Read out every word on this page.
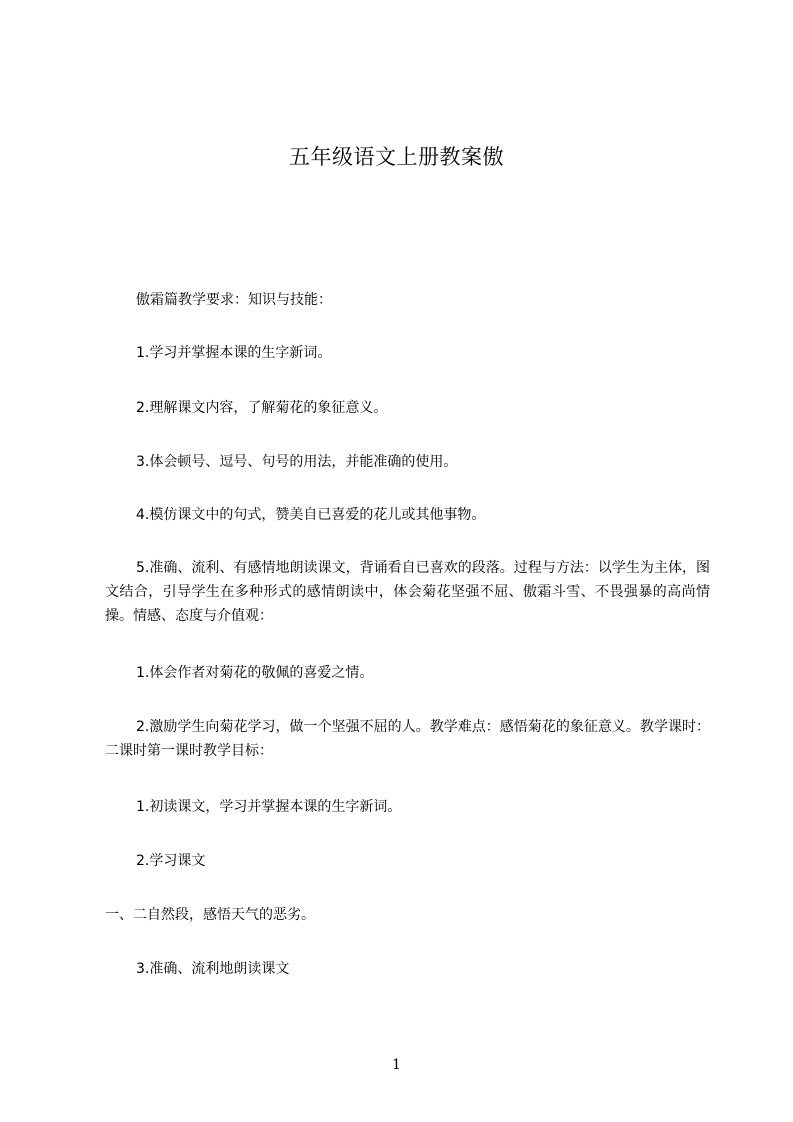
五年级语文上册教案傲

傲霜篇教学要求：知识与技能：

1.学习并掌握本课的生字新词。

2.理解课文内容，了解菊花的象征意义。

3.体会顿号、逗号、句号的用法，并能准确的使用。

4.模仿课文中的句式，赞美自已喜爱的花儿或其他事物。

5.准确、流利、有感情地朗读课文，背诵看自已喜欢的段落。过程与方法：以学生为主体，图文结合，引导学生在多种形式的感情朗读中，体会菊花坚强不屈、傲霜斗雪、不畏强暴的高尚情操。情感、态度与介值观：

1.体会作者对菊花的敬佩的喜爱之情。

2.激励学生向菊花学习，做一个坚强不屈的人。教学难点：感悟菊花的象征意义。教学课时：二课时第一课时教学目标：

1.初读课文，学习并掌握本课的生字新词。

2.学习课文

一、二自然段，感悟天气的恶劣。

3.准确、流利地朗读课文

1
